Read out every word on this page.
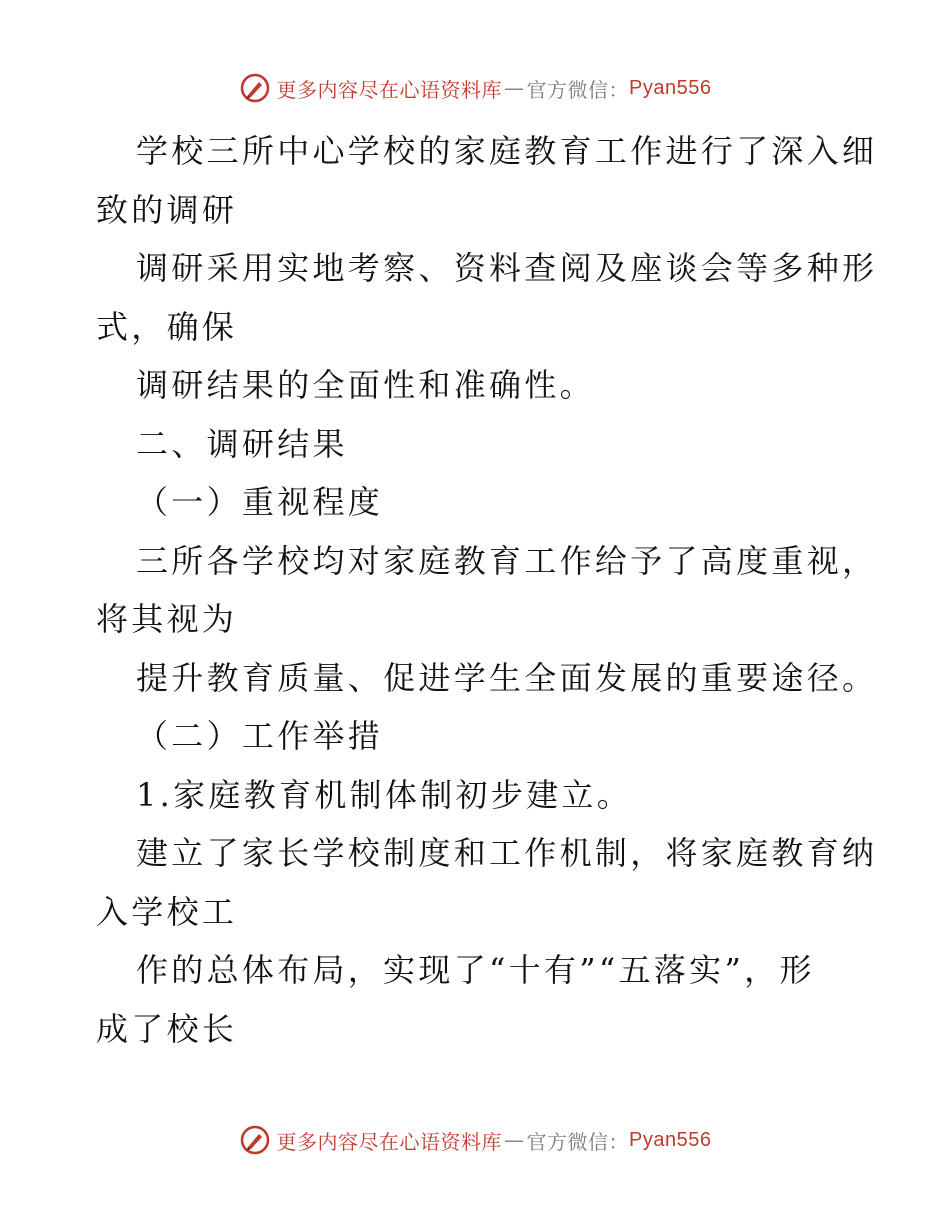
更多内容尽在心语资料库 — 官方微信： Pyan556
学校三所中心学校的家庭教育工作进行了深入细
致的调研
调研采用实地考察、资料查阅及座谈会等多种形
式，确保
调研结果的全面性和准确性。
二、调研结果
（一）重视程度
三所各学校均对家庭教育工作给予了高度重视，
将其视为
提升教育质量、促进学生全面发展的重要途径。
（二）工作举措
1.家庭教育机制体制初步建立。
建立了家长学校制度和工作机制，将家庭教育纳
入学校工
作的总体布局，实现了“十有”“五落实”，形
成了校长
更多内容尽在心语资料库 — 官方微信： Pyan556
